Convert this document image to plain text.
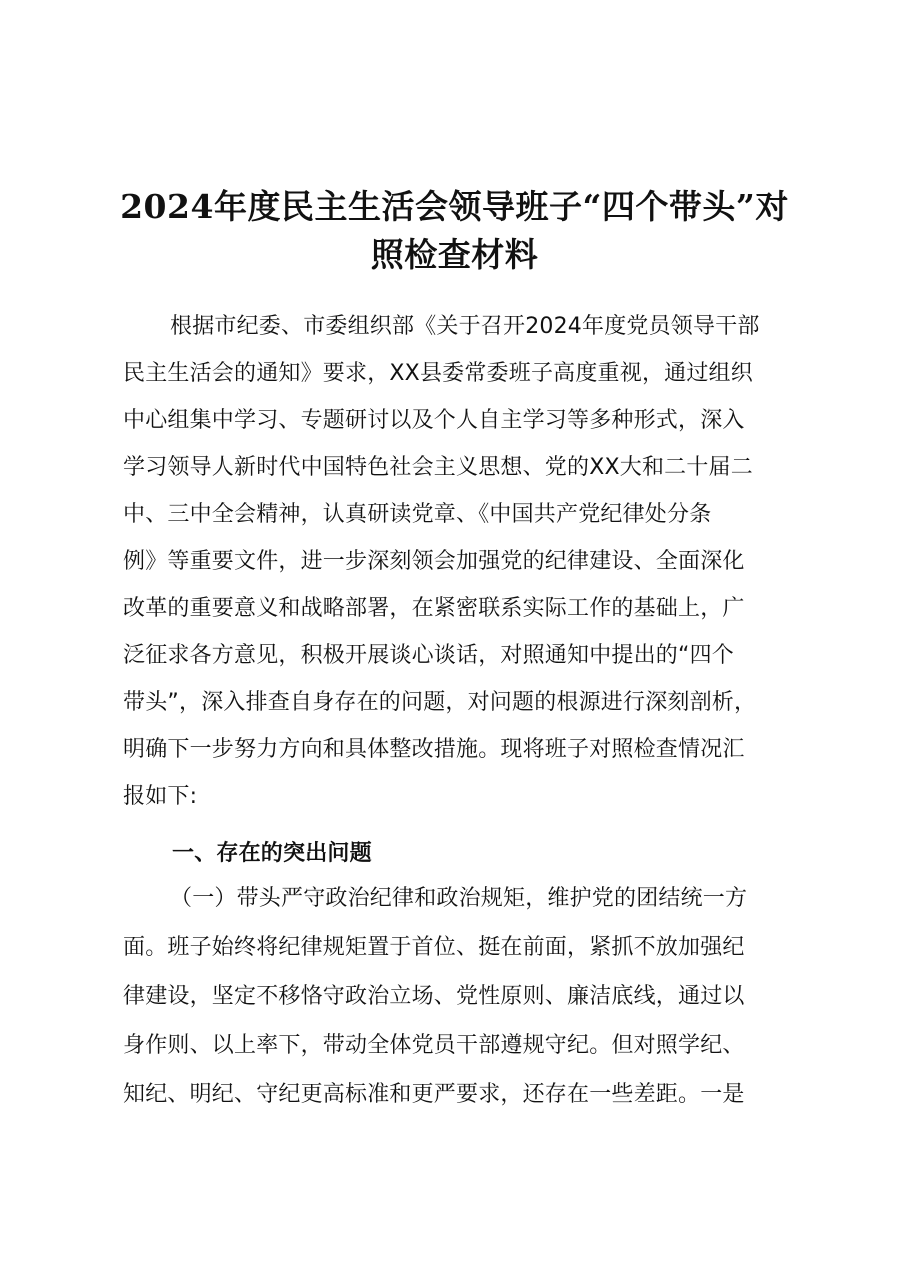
2024年度民主生活会领导班子“四个带头”对
照检查材料
根据市纪委、市委组织部《关于召开2024年度党员领导干部
民主生活会的通知》要求，XX县委常委班子高度重视，通过组织
中心组集中学习、专题研讨以及个人自主学习等多种形式，深入
学习领导人新时代中国特色社会主义思想、党的XX大和二十届二
中、三中全会精神，认真研读党章、《中国共产党纪律处分条
例》等重要文件，进一步深刻领会加强党的纪律建设、全面深化
改革的重要意义和战略部署，在紧密联系实际工作的基础上，广
泛征求各方意见，积极开展谈心谈话，对照通知中提出的“四个
带头”，深入排查自身存在的问题，对问题的根源进行深刻剖析，
明确下一步努力方向和具体整改措施。现将班子对照检查情况汇
报如下:
一、存在的突出问题
（一）带头严守政治纪律和政治规矩，维护党的团结统一方
面。班子始终将纪律规矩置于首位、挺在前面，紧抓不放加强纪
律建设，坚定不移恪守政治立场、党性原则、廉洁底线，通过以
身作则、以上率下，带动全体党员干部遵规守纪。但对照学纪、
知纪、明纪、守纪更高标准和更严要求，还存在一些差距。一是
